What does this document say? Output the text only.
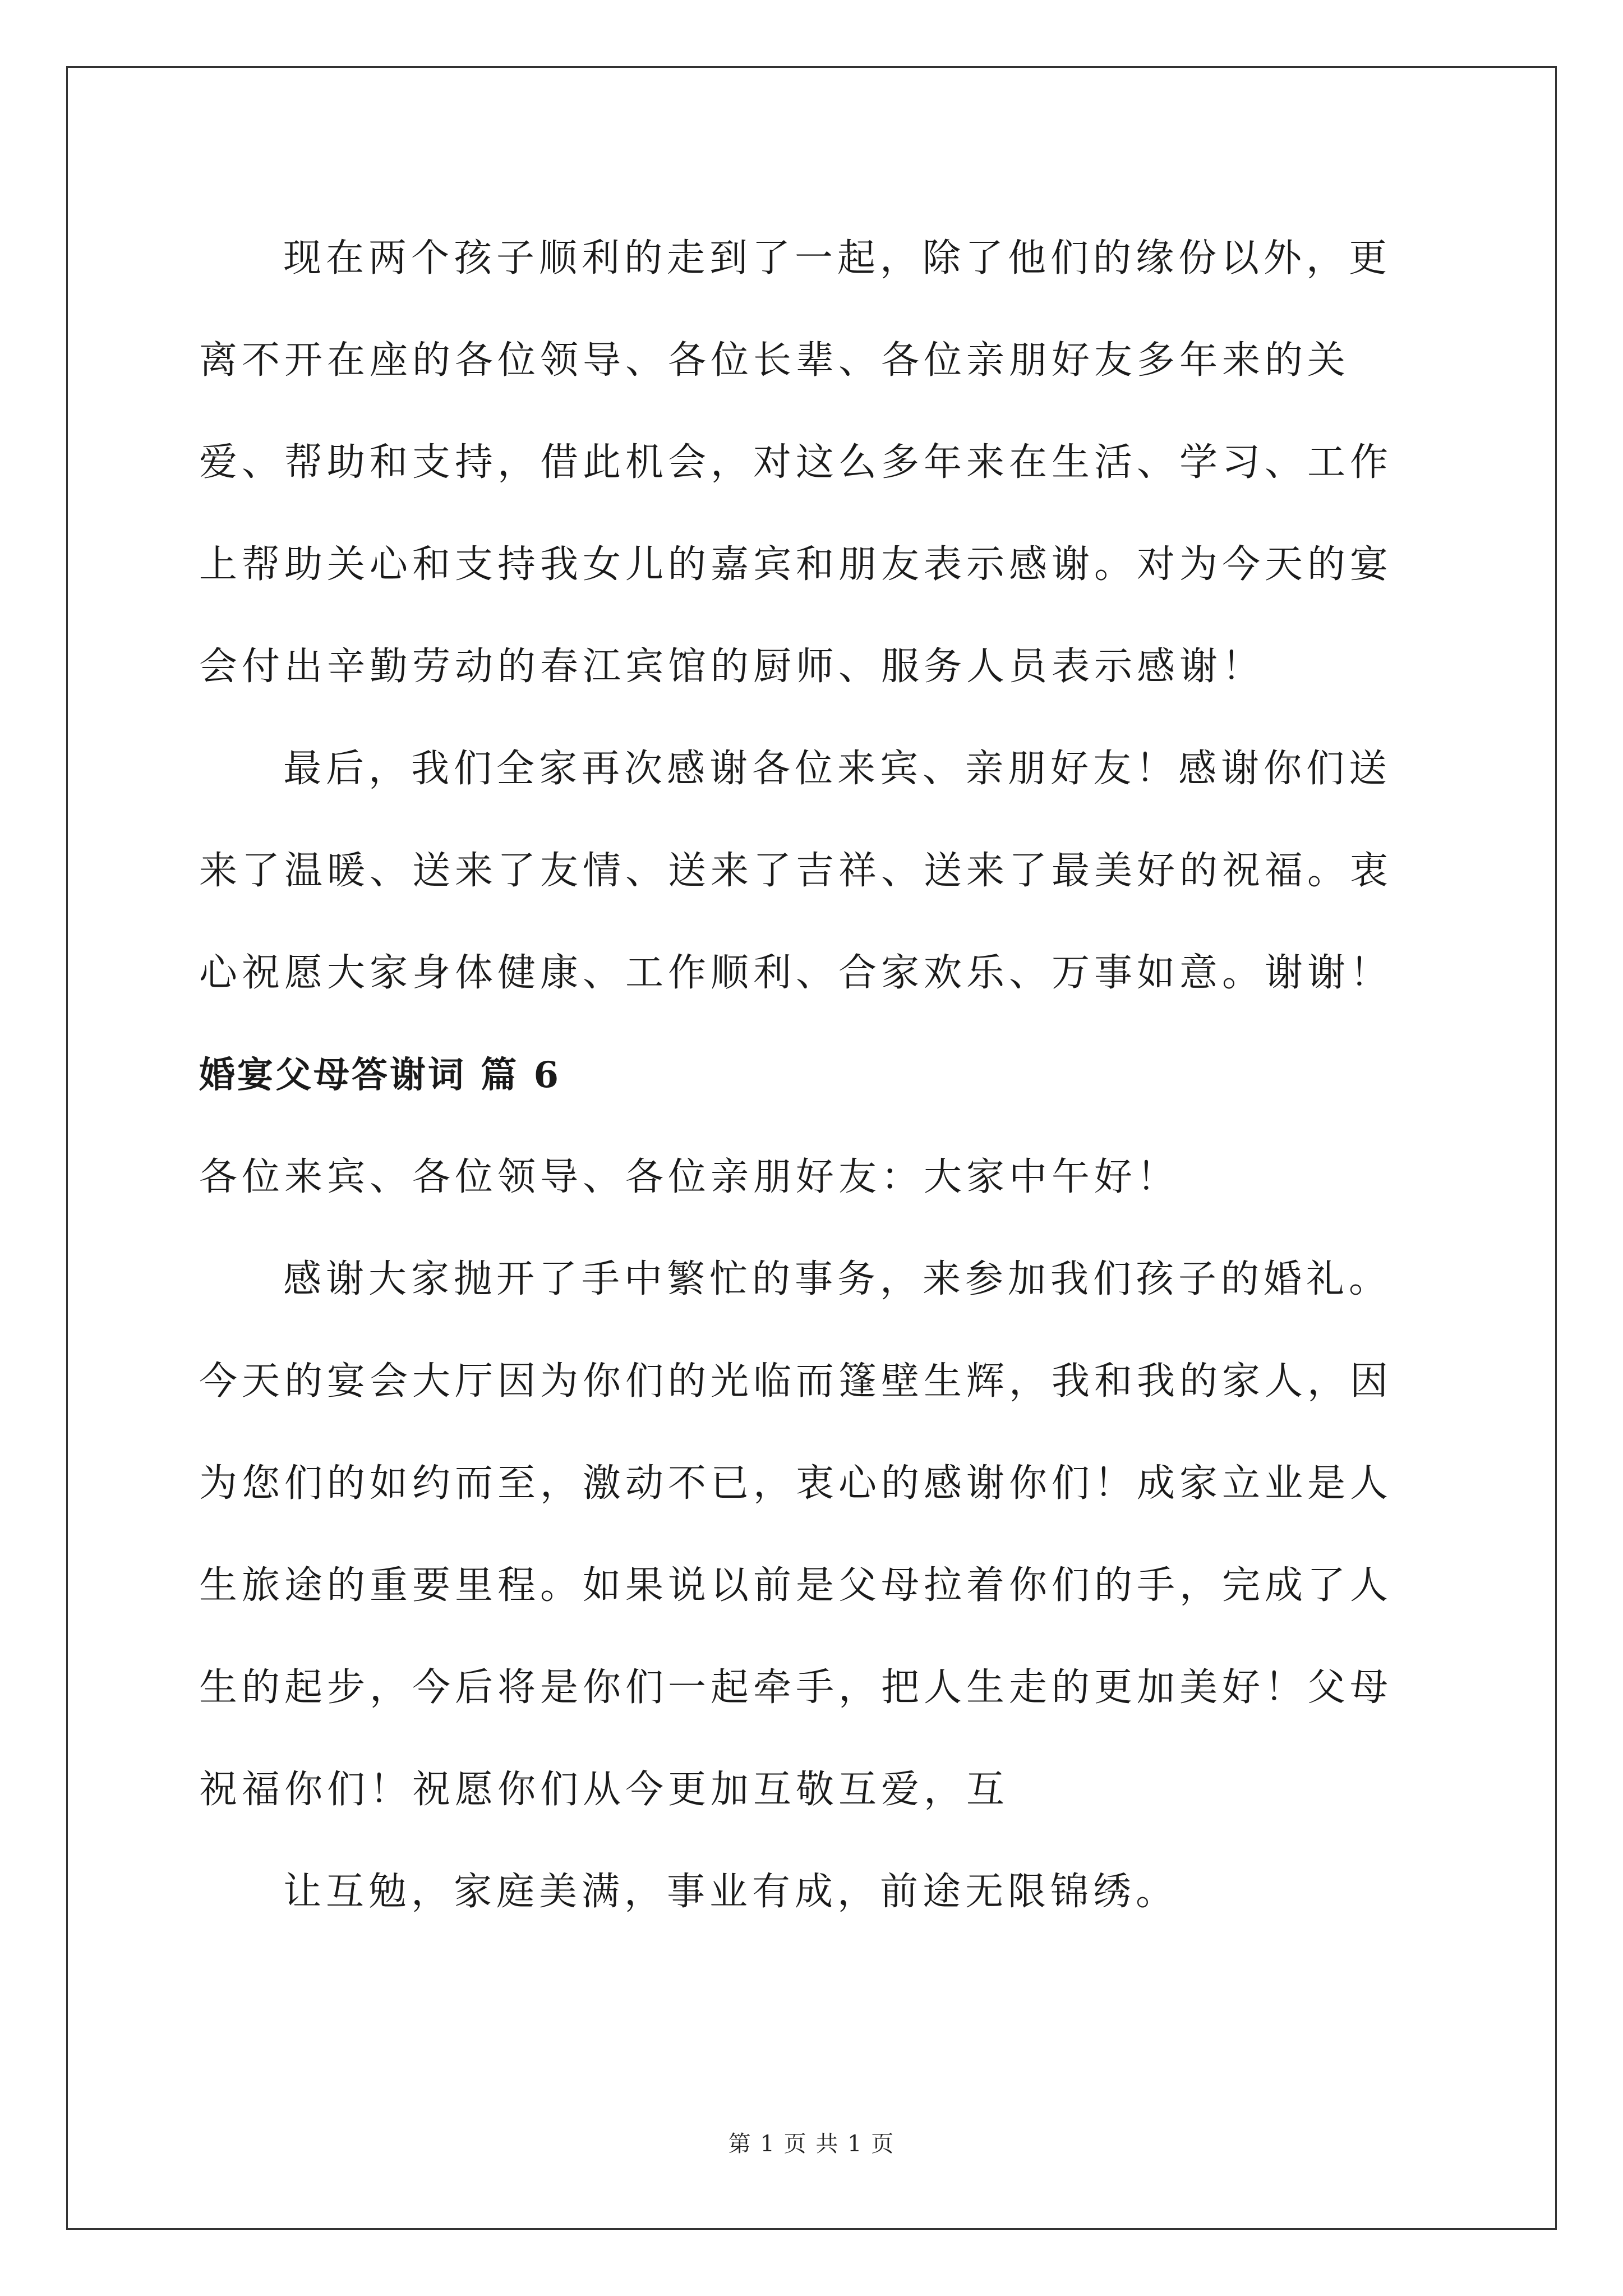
现在两个孩子顺利的走到了一起，除了他们的缘份以外，更离不开在座的各位领导、各位长辈、各位亲朋好友多年来的关爱、帮助和支持，借此机会，对这么多年来在生活、学习、工作上帮助关心和支持我女儿的嘉宾和朋友表示感谢。对为今天的宴会付出辛勤劳动的春江宾馆的厨师、服务人员表示感谢！

最后，我们全家再次感谢各位来宾、亲朋好友！感谢你们送来了温暖、送来了友情、送来了吉祥、送来了最美好的祝福。衷心祝愿大家身体健康、工作顺利、合家欢乐、万事如意。谢谢！

婚宴父母答谢词 篇 6

各位来宾、各位领导、各位亲朋好友：大家中午好！

感谢大家抛开了手中繁忙的事务，来参加我们孩子的婚礼。今天的宴会大厅因为你们的光临而篷壁生辉，我和我的家人，因为您们的如约而至，激动不已，衷心的感谢你们！成家立业是人生旅途的重要里程。如果说以前是父母拉着你们的手，完成了人生的起步，今后将是你们一起牵手，把人生走的更加美好！父母祝福你们！祝愿你们从今更加互敬互爱，互

让互勉，家庭美满，事业有成，前途无限锦绣。

第 1 页 共 1 页
